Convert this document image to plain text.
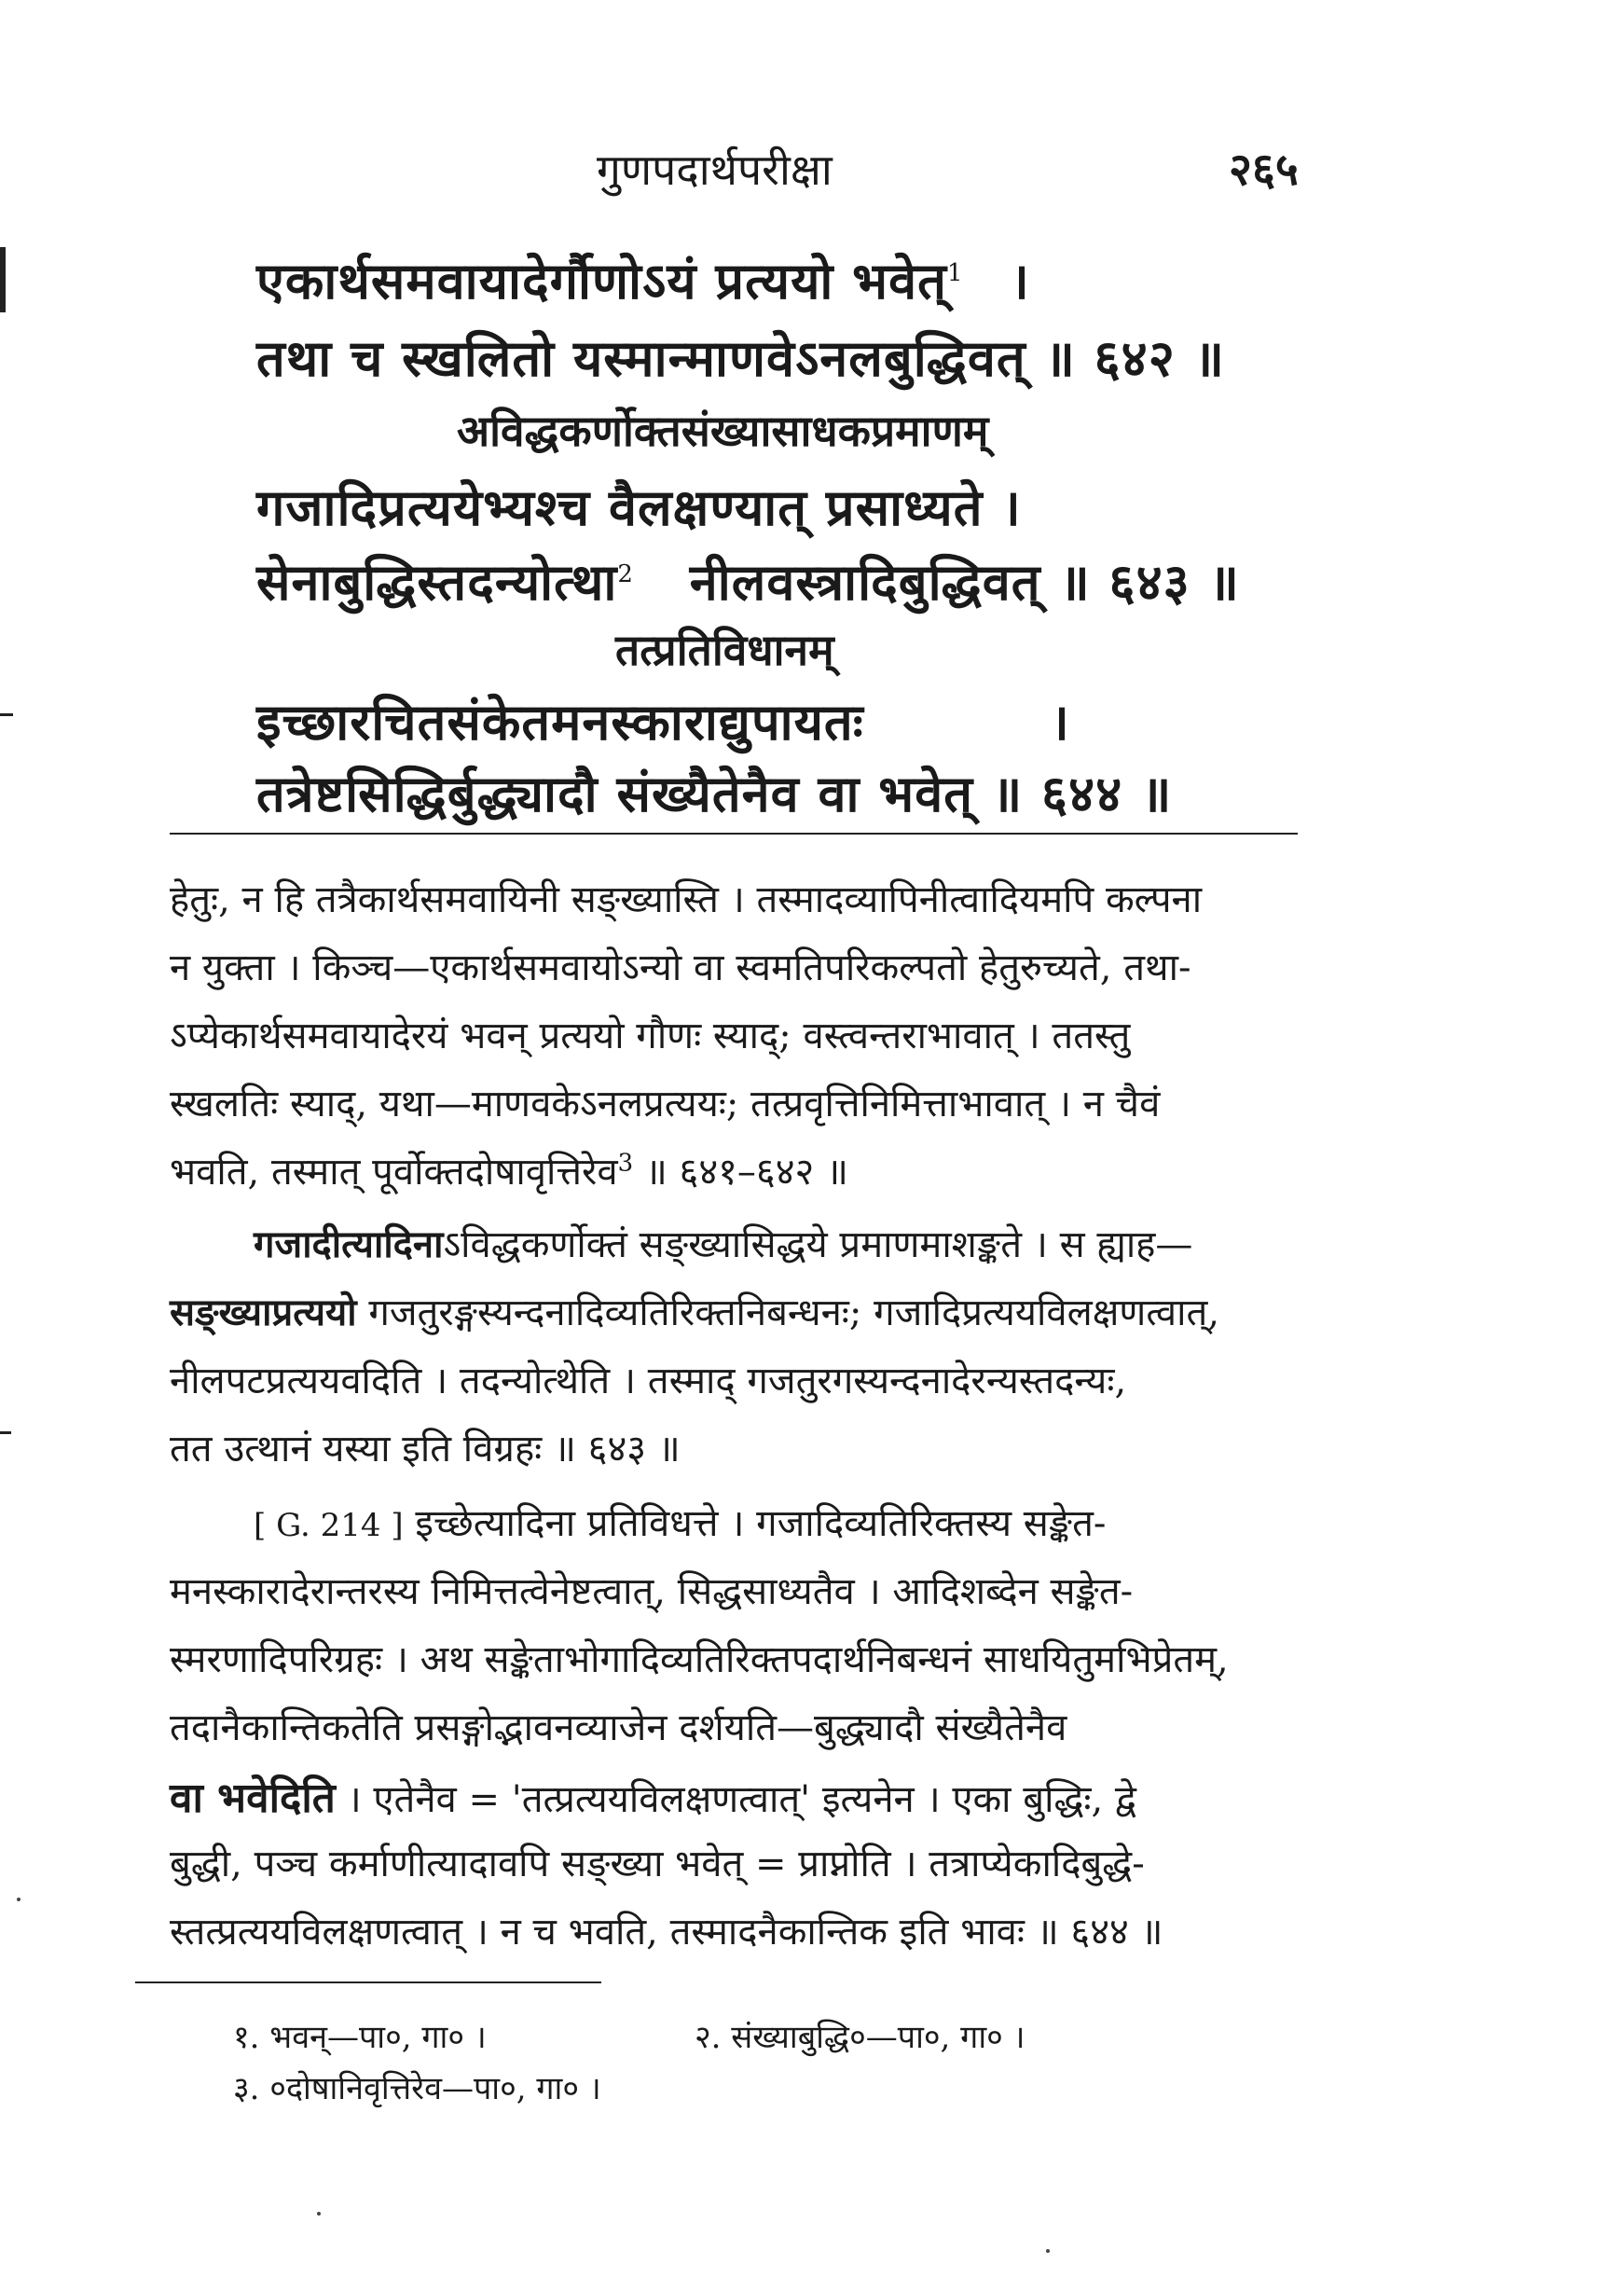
गुणपदार्थपरीक्षा	२६५
एकार्थसमवायादेर्गौणोऽयं प्रत्ययो भवेत्$^1$ ।
तथा च स्खलितो यस्मान्माणवेऽनलबुद्धिवत् ॥ ६४२ ॥
अविद्धकर्णोक्तसंख्यासाधकप्रमाणम्
गजादिप्रत्ययेभ्यश्च वैलक्षण्यात् प्रसाध्यते ।
सेनाबुद्धिस्तदन्योत्था$^2$ नीलवस्त्रादिबुद्धिवत् ॥ ६४३ ॥
तत्प्रतिविधानम्
इच्छारचितसंकेतमनस्काराद्युपायतः	।
तत्रेष्टसिद्धिर्बुद्ध्यादौ संख्यैतेनैव वा भवेत् ॥ ६४४ ॥
हेतुः, न हि तत्रैकार्थसमवायिनी सङ्ख्यास्ति । तस्मादव्यापिनीत्वादियमपि कल्पना
न युक्ता । किञ्च—एकार्थसमवायोऽन्यो वा स्वमतिपरिकल्पतो हेतुरुच्यते, तथा-
ऽप्येकार्थसमवायादेरयं भवन् प्रत्ययो गौणः स्याद्; वस्त्वन्तराभावात् । ततस्तु
स्खलतिः स्याद्, यथा—माणवकेऽनलप्रत्ययः; तत्प्रवृत्तिनिमित्ताभावात् । न चैवं
भवति, तस्मात् पूर्वोक्तदोषावृत्तिरेव$^3$ ॥ ६४१–६४२ ॥
गजादीत्यादिनाऽविद्धकर्णोक्तं सङ्ख्यासिद्धये प्रमाणमाशङ्कते । स ह्याह—
सङ्ख्याप्रत्ययो गजतुरङ्गस्यन्दनादिव्यतिरिक्तनिबन्धनः; गजादिप्रत्ययविलक्षणत्वात्,
नीलपटप्रत्ययवदिति । तदन्योत्थेति । तस्माद् गजतुरगस्यन्दनादेरन्यस्तदन्यः,
तत उत्थानं यस्या इति विग्रहः ॥ ६४३ ॥
[ G. 214 ] इच्छेत्यादिना प्रतिविधत्ते । गजादिव्यतिरिक्तस्य सङ्केत-
मनस्कारादेरान्तरस्य निमित्तत्वेनेष्टत्वात्, सिद्धसाध्यतैव । आदिशब्देन सङ्केत-
स्मरणादिपरिग्रहः । अथ सङ्केताभोगादिव्यतिरिक्तपदार्थनिबन्धनं साधयितुमभिप्रेतम्,
तदानैकान्तिकतेति प्रसङ्गोद्भावनव्याजेन दर्शयति—बुद्ध्यादौ संख्यैतेनैव
वा भवेदिति । एतेनैव = 'तत्प्रत्ययविलक्षणत्वात्' इत्यनेन । एका बुद्धिः, द्वे
बुद्धी, पञ्च कर्माणीत्यादावपि सङ्ख्या भवेत् = प्राप्नोति । तत्राप्येकादिबुद्धे-
स्तत्प्रत्ययविलक्षणत्वात् । न च भवति, तस्मादनैकान्तिक इति भावः ॥ ६४४ ॥
१. भवन्—पा०, गा० ।	२. संख्याबुद्धि०—पा०, गा० ।
३. ०दोषानिवृत्तिरेव—पा०, गा० ।
